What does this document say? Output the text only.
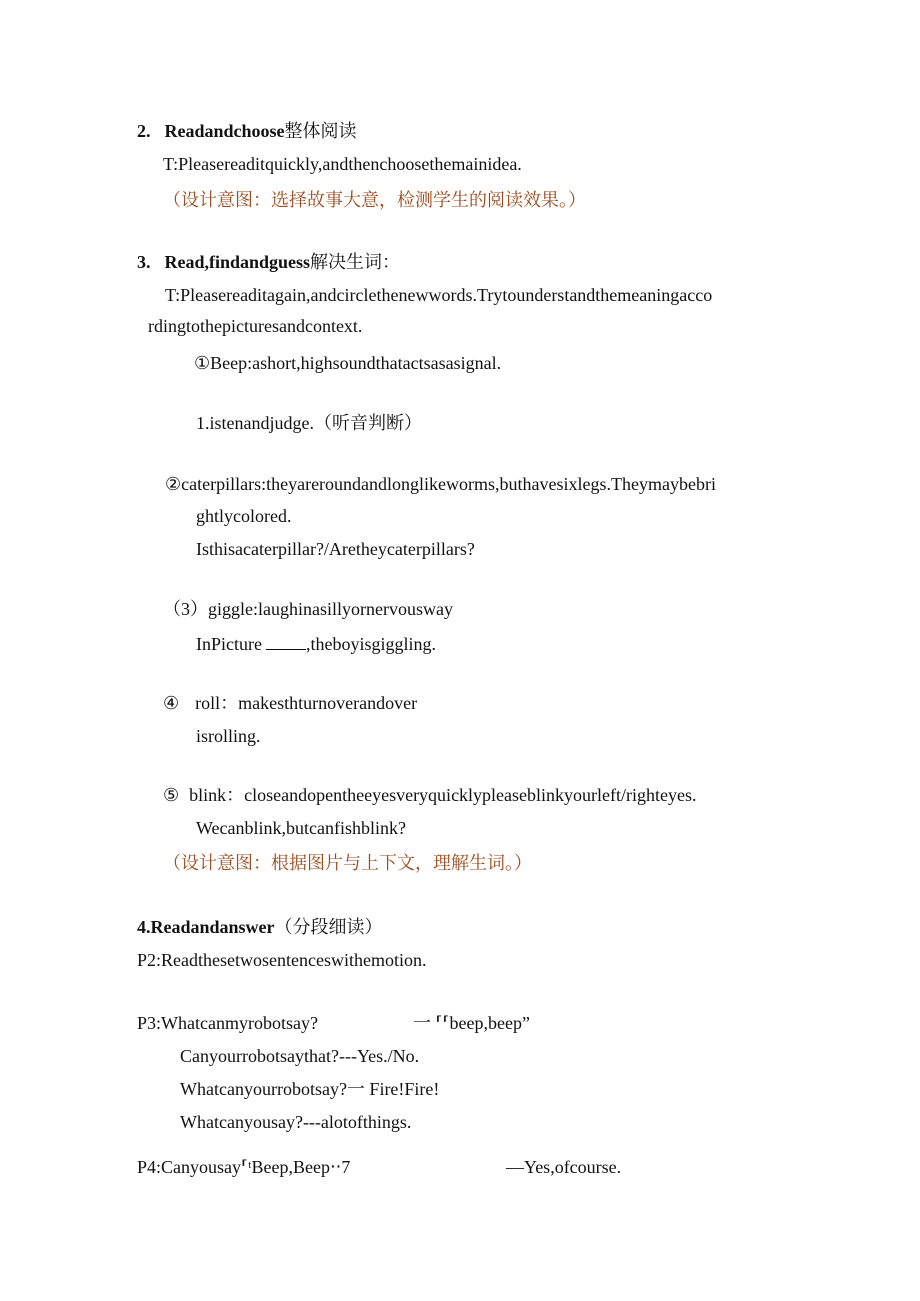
2. Readandchoose整体阅读
T:Pleasereaditquickly,andthenchoosethemainidea.
（设计意图：选择故事大意，检测学生的阅读效果。）
3. Read,findandguess解决生词：
T:Pleasereaditagain,andcirclethenewwords.Trytounderstandthemeaningacco
rdingtothepicturesandcontext.
①Beep:ashort,highsoundthatactsasasignal.
1.istenandjudge.（听音判断）
②caterpillars:theyareroundandlonglikeworms,buthavesixlegs.Theymaybebri
ghtlycolored.
Isthisacaterpillar?/Aretheycaterpillars?
（3）giggle:laughinasillyornervousway
InPicture ,theboyisgiggling.
④ roll：makesthturnoverandover
isrolling.
⑤ blink：closeandopentheeyesveryquicklypleaseblinkyourleft/righteyes.
Wecanblink,butcanfishblink?
（设计意图：根据图片与上下文，理解生词。）
4.Readandanswer（分段细读）
P2:Readthesetwosentenceswithemotion.
P3:Whatcanmyrobotsay?	一 ⸢⸢beep,beep”
Canyourrobotsaythat?---Yes./No.
Whatcanyourrobotsay?一 Fire!Fire!
Whatcanyousay?---alotofthings.
P4:Canyousay⸢ᵗBeep,Beep‧‧7	—Yes,ofcourse.
